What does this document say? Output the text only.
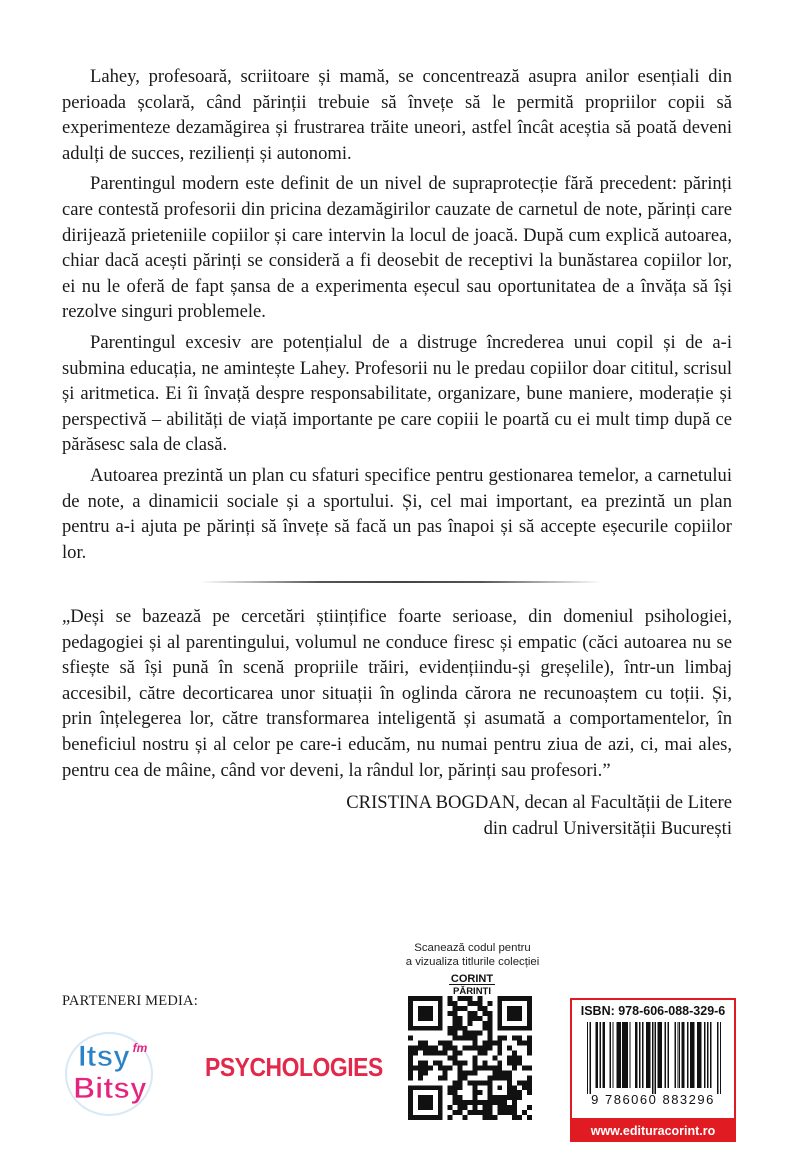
Lahey, profesoară, scriitoare și mamă, se concentrează asupra anilor esențiali din perioada școlară, când părinții trebuie să învețe să le permită propriilor copii să experimenteze dezamăgirea și frustrarea trăite uneori, astfel încât aceștia să poată deveni adulți de succes, rezilienți și autonomi.

Parentingul modern este definit de un nivel de supraprotecție fără precedent: părinți care contestă profesorii din pricina dezamăgirilor cauzate de carnetul de note, părinți care dirijează prieteniile copiilor și care intervin la locul de joacă. După cum explică autoarea, chiar dacă acești părinți se consideră a fi deosebit de receptivi la bunăstarea copiilor lor, ei nu le oferă de fapt șansa de a experimenta eșecul sau oportunitatea de a învăța să își rezolve singuri problemele.

Parentingul excesiv are potențialul de a distruge încrederea unui copil și de a-i submina educația, ne amintește Lahey. Profesorii nu le predau copiilor doar cititul, scrisul și aritmetica. Ei îi învață despre responsabilitate, organizare, bune maniere, moderație și perspectivă – abilități de viață importante pe care copiii le poartă cu ei mult timp după ce părăsesc sala de clasă.

Autoarea prezintă un plan cu sfaturi specifice pentru gestionarea temelor, a carnetului de note, a dinamicii sociale și a sportului. Și, cel mai important, ea prezintă un plan pentru a-i ajuta pe părinți să învețe să facă un pas înapoi și să accepte eșecurile copiilor lor.

„Deși se bazează pe cercetări științifice foarte serioase, din domeniul psihologiei, pedagogiei și al parentingului, volumul ne conduce firesc și empatic (căci autoarea nu se sfiește să își pună în scenă propriile trăiri, evidențiindu-și greșelile), într-un limbaj accesibil, către decorticarea unor situații în oglinda cărora ne recunoaștem cu toții. Și, prin înțelegerea lor, către transformarea inteligentă și asumată a comportamentelor, în beneficiul nostru și al celor pe care-i educăm, nu numai pentru ziua de azi, ci, mai ales, pentru cea de mâine, când vor deveni, la rândul lor, părinți sau profesori.”

CRISTINA BOGDAN, decan al Facultății de Litere
din cadrul Universității București
PARTENERI MEDIA:
Itsy fm
Bitsy
PSYCHOLOGIES
Scanează codul pentru
a vizualiza titlurile colecției
CORINT
PĂRINȚI
ISBN: 978-606-088-329-6
9 786060 883296
www.edituracorint.ro
